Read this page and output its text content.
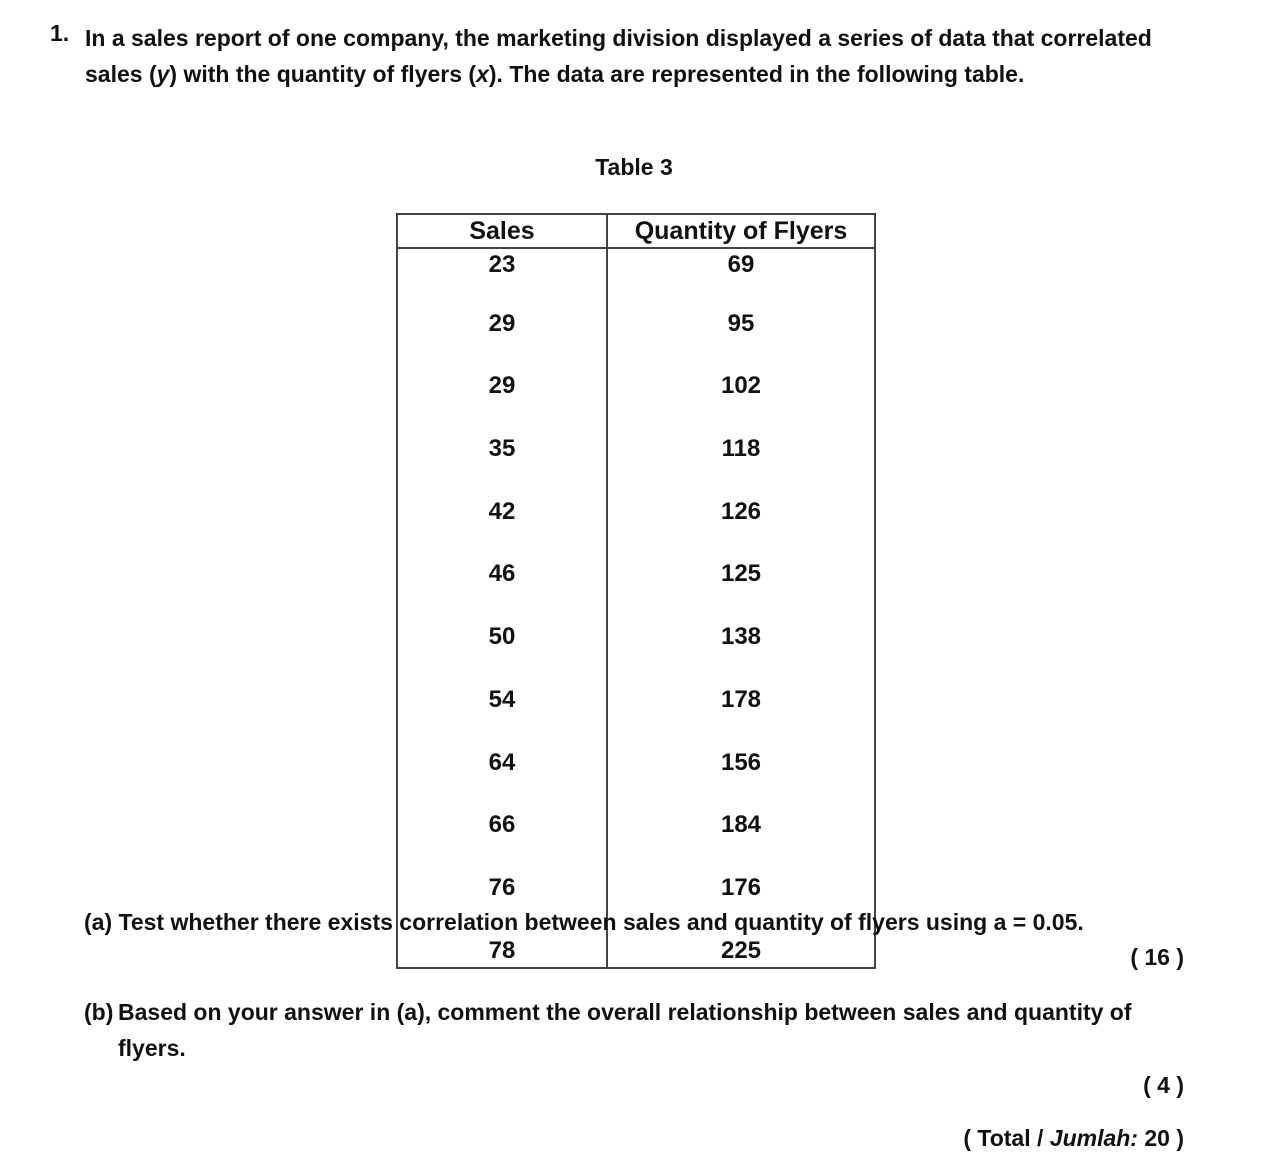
1. In a sales report of one company, the marketing division displayed a series of data that correlated sales (y) with the quantity of flyers (x). The data are represented in the following table.
Table 3
Sales	Quantity of Flyers
23	69
29	95
29	102
35	118
42	126
46	125
50	138
54	178
64	156
66	184
76	176
78	225
(a) Test whether there exists correlation between sales and quantity of flyers using a = 0.05.
( 16 )
(b) Based on your answer in (a), comment the overall relationship between sales and quantity of flyers.
( 4 )
( Total / Jumlah: 20 )
